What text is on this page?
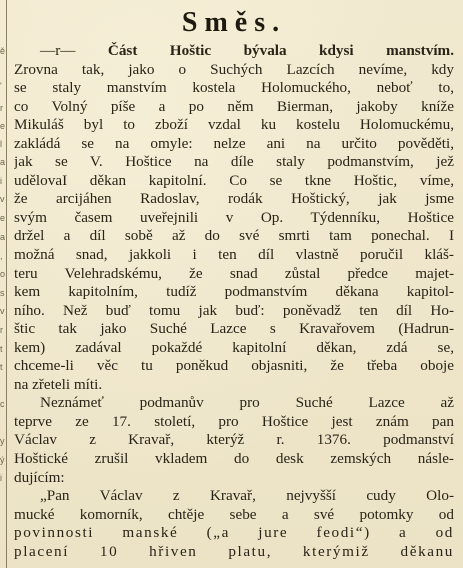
ě
'
r
e
l
a
i
v
e
a
,
o
s
v
r
t
t
c
y
ý
i
Směs.
—r— Část Hoštic bývala kdysi manstvím.
Zrovna tak, jako o Suchých Lazcích nevíme, kdy
se staly manstvím kostela Holomuckého, neboť to,
co Volný píše a po něm Bierman, jakoby kníže
Mikuláš byl to zboží vzdal ku kostelu Holomuckému,
zakládá se na omyle: nelze ani na určito pověděti,
jak se V. Hoštice na díle staly podmanstvím, jež
udělovaI děkan kapitolní. Co se tkne Hoštic, víme,
že arcijáhen Radoslav, rodák Hoštický, jak jsme
svým časem uveřejnili v Op. Týdenníku, Hoštice
držel a díl sobě až do své smrti tam ponechal. I
možná snad, jakkoli i ten díl vlastně poručil kláš-
teru Velehradskému, že snad zůstal předce majet-
kem kapitolním, tudíž podmanstvím děkana kapitol-
ního. Než buď tomu jak buď: poněvadž ten díl Ho-
štic tak jako Suché Lazce s Kravařovem (Hadrun-
kem) zadával pokaždé kapitolní děkan, zdá se,
chceme-li věc tu poněkud objasniti, že třeba oboje
na zřeteli míti.
Neznámeť podmanův pro Suché Lazce až
teprve ze 17. století, pro Hoštice jest znám pan
Václav z Kravař, kterýž r. 1376. podmanství
Hoštické zrušil vkladem do desk zemských násle-
dujícím:
„Pan Václav z Kravař, nejvyšší cudy Olo-
mucké komorník, chtěje sebe a své potomky od
povinnosti manské („a jure feodi“) a od
placení 10 hřiven platu, kterýmiž děkanu
